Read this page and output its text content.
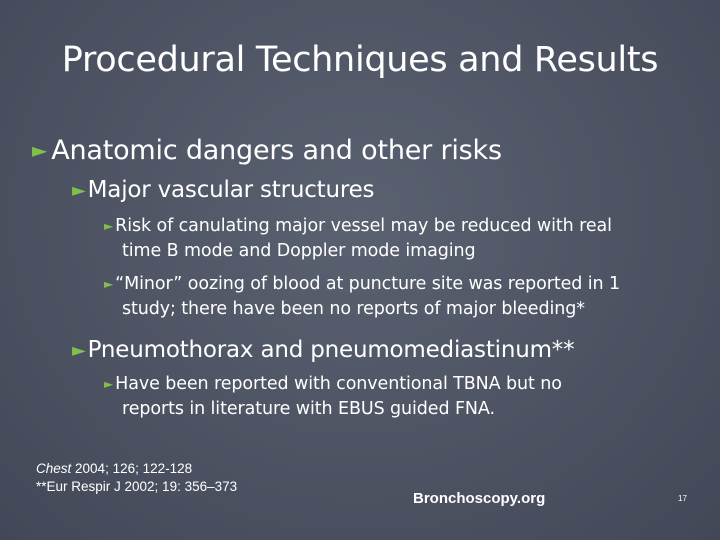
Procedural Techniques and Results
► Anatomic dangers and other risks
►Major vascular structures
► Risk of canulating major vessel may be reduced with real
time B mode and Doppler mode imaging
► “Minor” oozing of blood at puncture site was reported in 1
study; there have been no reports of major bleeding*
►Pneumothorax and pneumomediastinum**
► Have been reported with conventional TBNA but no
reports in literature with EBUS guided FNA.
Chest 2004; 126; 122-128
**Eur Respir J 2002; 19: 356–373
Bronchoscopy.org	17
